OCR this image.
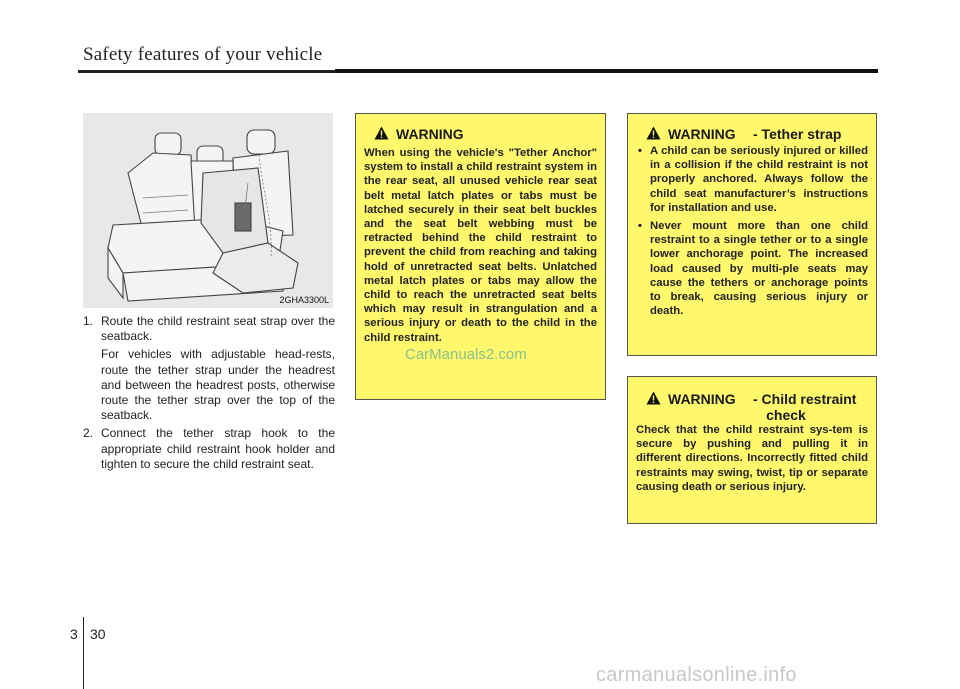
Safety features of your vehicle
2GHA3300L
1. Route the child restraint seat strap over the seatback.
For vehicles with adjustable head-rests, route the tether strap under the headrest and between the headrest posts, otherwise route the tether strap over the top of the seatback.
2. Connect the tether strap hook to the appropriate child restraint hook holder and tighten to secure the child restraint seat.
WARNING
When using the vehicle's "Tether Anchor" system to install a child restraint system in the rear seat, all unused vehicle rear seat belt metal latch plates or tabs must be latched securely in their seat belt buckles and the seat belt webbing must be retracted behind the child restraint to prevent the child from reaching and taking hold of unretracted seat belts. Unlatched metal latch plates or tabs may allow the child to reach the unretracted seat belts which may result in strangulation and a serious injury or death to the child in the child restraint.
WARNING - Tether strap
• A child can be seriously injured or killed in a collision if the child restraint is not properly anchored. Always follow the child seat manufacturer’s instructions for installation and use.
• Never mount more than one child restraint to a single tether or to a single lower anchorage point. The increased load caused by multi-ple seats may cause the tethers or anchorage points to break, causing serious injury or death.
WARNING - Child restraint
check
Check that the child restraint sys-tem is secure by pushing and pulling it in different directions. Incorrectly fitted child restraints may swing, twist, tip or separate causing death or serious injury.
CarManuals2.com
3 30
carmanualsonline.info
